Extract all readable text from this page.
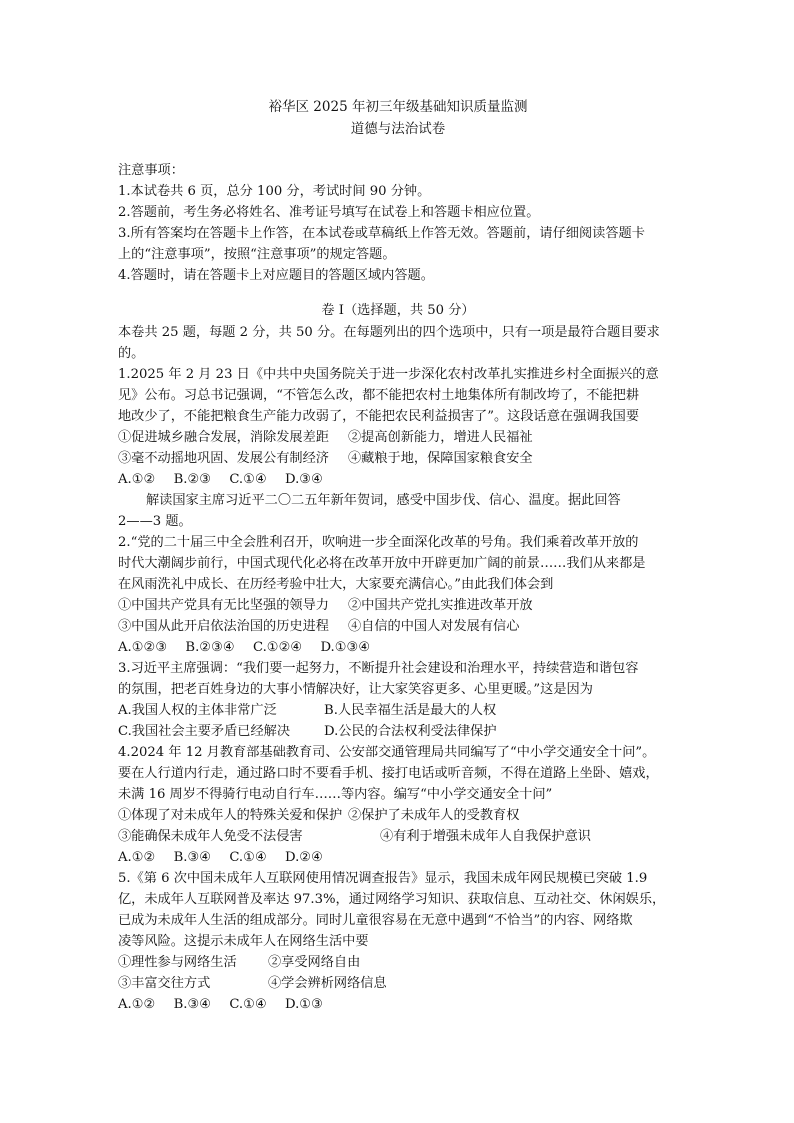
裕华区 2025 年初三年级基础知识质量监测
道德与法治试卷
注意事项：
1.本试卷共 6 页，总分 100 分，考试时间 90 分钟。
2.答题前，考生务必将姓名、准考证号填写在试卷上和答题卡相应位置。
3.所有答案均在答题卡上作答，在本试卷或草稿纸上作答无效。答题前，请仔细阅读答题卡
上的“注意事项”，按照“注意事项”的规定答题。
4.答题时，请在答题卡上对应题目的答题区域内答题。
卷 I（选择题，共 50 分）
本卷共 25 题，每题 2 分，共 50 分。在每题列出的四个选项中，只有一项是最符合题目要求
的。
1.2025 年 2 月 23 日《中共中央国务院关于进一步深化农村改革扎实推进乡村全面振兴的意
见》公布。习总书记强调，“不管怎么改，都不能把农村土地集体所有制改垮了，不能把耕
地改少了，不能把粮食生产能力改弱了，不能把农民利益损害了”。这段话意在强调我国要
①促进城乡融合发展，消除发展差距 ②提高创新能力，增进人民福祉
③毫不动摇地巩固、发展公有制经济 ④藏粮于地，保障国家粮食安全
A.①② B.②③ C.①④ D.③④
解读国家主席习近平二〇二五年新年贺词，感受中国步伐、信心、温度。据此回答
2——3 题。
2.“党的二十届三中全会胜利召开，吹响进一步全面深化改革的号角。我们乘着改革开放的
时代大潮阔步前行，中国式现代化必将在改革开放中开辟更加广阔的前景……我们从来都是
在风雨洗礼中成长、在历经考验中壮大，大家要充满信心。”由此我们体会到
①中国共产党具有无比坚强的领导力 ②中国共产党扎实推进改革开放
③中国从此开启依法治国的历史进程 ④自信的中国人对发展有信心
A.①②③ B.②③④ C.①②④ D.①③④
3.习近平主席强调：“我们要一起努力，不断提升社会建设和治理水平，持续营造和谐包容
的氛围，把老百姓身边的大事小情解决好，让大家笑容更多、心里更暖。”这是因为
A.我国人权的主体非常广泛	B.人民幸福生活是最大的人权
C.我国社会主要矛盾已经解决	D.公民的合法权利受法律保护
4.2024 年 12 月教育部基础教育司、公安部交通管理局共同编写了“中小学交通安全十问”。
要在人行道内行走，通过路口时不要看手机、接打电话或听音频，不得在道路上坐卧、嬉戏，
未满 16 周岁不得骑行电动自行车……等内容。编写“中小学交通安全十问”
①体现了对未成年人的特殊关爱和保护 ②保护了未成年人的受教育权
③能确保未成年人免受不法侵害	④有利于增强未成年人自我保护意识
A.①② B.③④ C.①④ D.②④
5.《第 6 次中国未成年人互联网使用情况调查报告》显示，我国未成年网民规模已突破 1.9
亿，未成年人互联网普及率达 97.3%，通过网络学习知识、获取信息、互动社交、休闲娱乐，
已成为未成年人生活的组成部分。同时儿童很容易在无意中遇到“不恰当”的内容、网络欺
凌等风险。这提示未成年人在网络生活中要
①理性参与网络生活 ②享受网络自由
③丰富交往方式	④学会辨析网络信息
A.①② B.③④ C.①④ D.①③
